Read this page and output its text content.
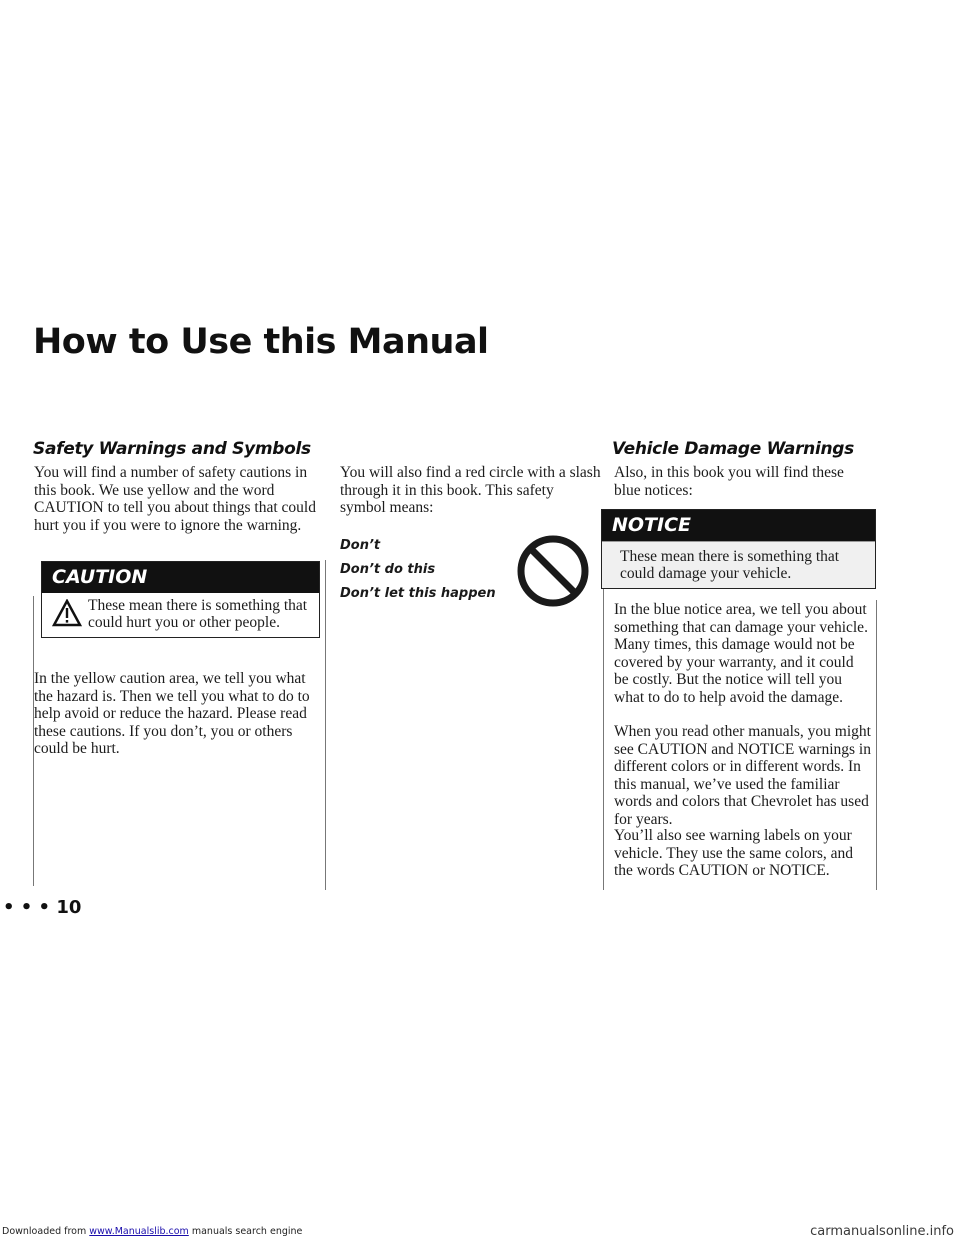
Downloaded from www.Manualslib.com manuals search engine
How to Use this Manual
Safety Warnings and Symbols

You will find a number of safety cautions in this book. We use yellow and the word CAUTION to tell you about things that could hurt you if you were to ignore the warning.

CAUTION
These mean there is something that could hurt you or other people.

In the yellow caution area, we tell you what the hazard is. Then we tell you what to do to help avoid or reduce the hazard. Please read these cautions. If you don’t, you or others could be hurt.

You will also find a red circle with a slash through it in this book. This safety symbol means:

Don’t
Don’t do this
Don’t let this happen
Vehicle Damage Warnings

Also, in this book you will find these blue notices:

NOTICE
These mean there is something that could damage your vehicle.

In the blue notice area, we tell you about something that can damage your vehicle. Many times, this damage would not be covered by your warranty, and it could be costly. But the notice will tell you what to do to help avoid the damage.

When you read other manuals, you might see CAUTION and NOTICE warnings in different colors or in different words. In this manual, we’ve used the familiar words and colors that Chevrolet has used for years.

You’ll also see warning labels on your vehicle. They use the same colors, and the words CAUTION or NOTICE.

• • • 10
carmanualsonline.info
